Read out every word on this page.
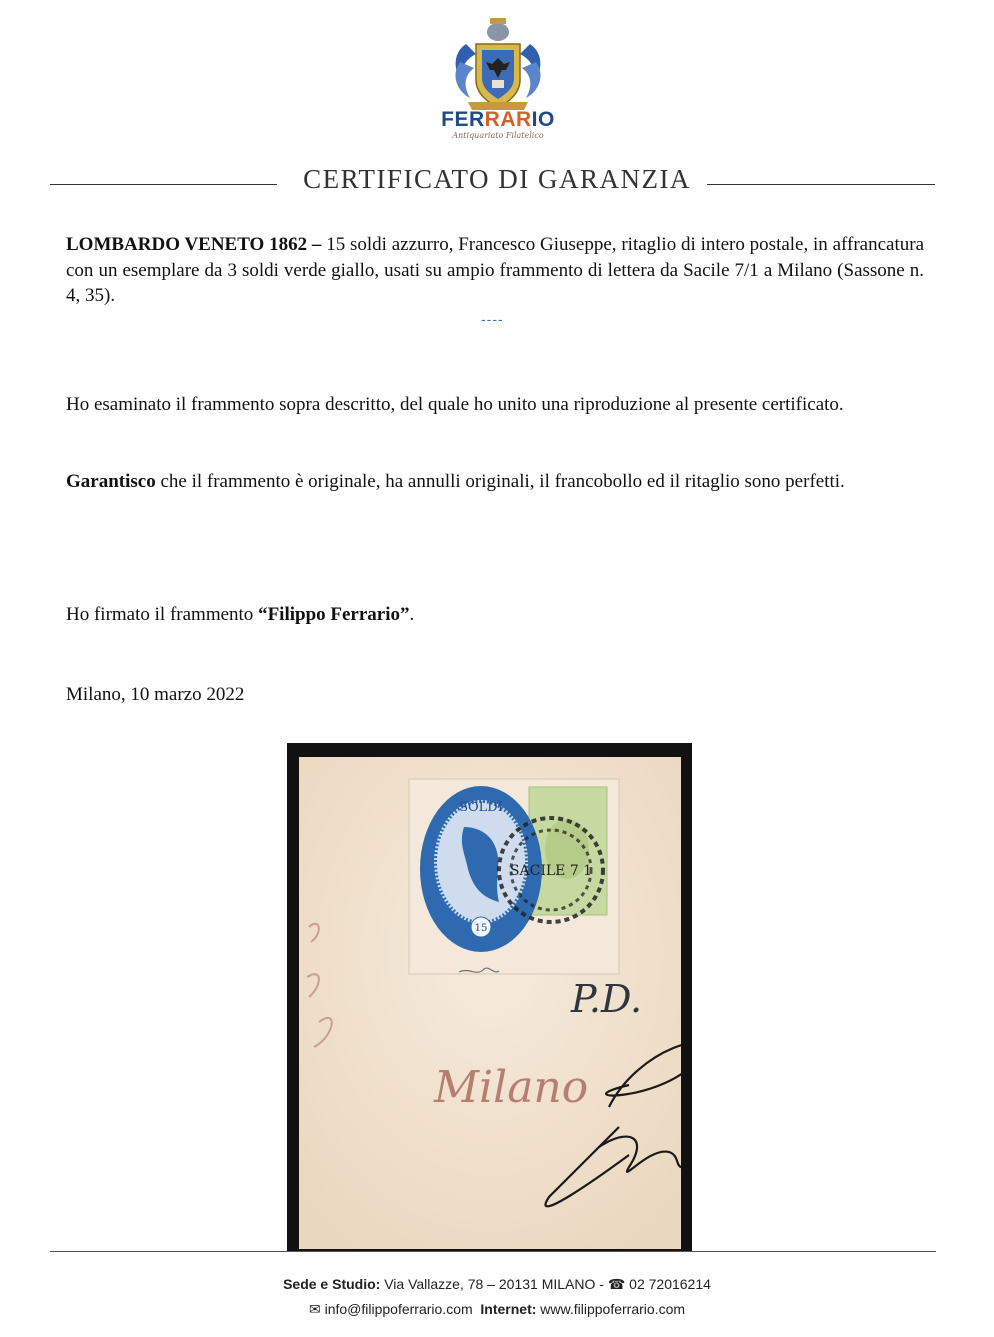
FERRARIO
Antiquariato Filatelico
CERTIFICATO DI GARANZIA
LOMBARDO VENETO 1862 – 15 soldi azzurro, Francesco Giuseppe, ritaglio di intero postale, in affrancatura con un esemplare da 3 soldi verde giallo, usati su ampio frammento di lettera da Sacile 7/1 a Milano (Sassone n. 4, 35).
----
Ho esaminato il frammento sopra descritto, del quale ho unito una riproduzione al presente certificato.
Garantisco che il frammento è originale, ha annulli originali, il francobollo ed il ritaglio sono perfetti.
Ho firmato il frammento “Filippo Ferrario”.
Milano, 10 marzo 2022
SOLDI
15
SACILE 7 1
P.D.
Milano
Sede e Studio: Via Vallazze, 78 – 20131 MILANO - ☎ 02 72016214
✉ info@filippoferrario.com Internet: www.filippoferrario.com
